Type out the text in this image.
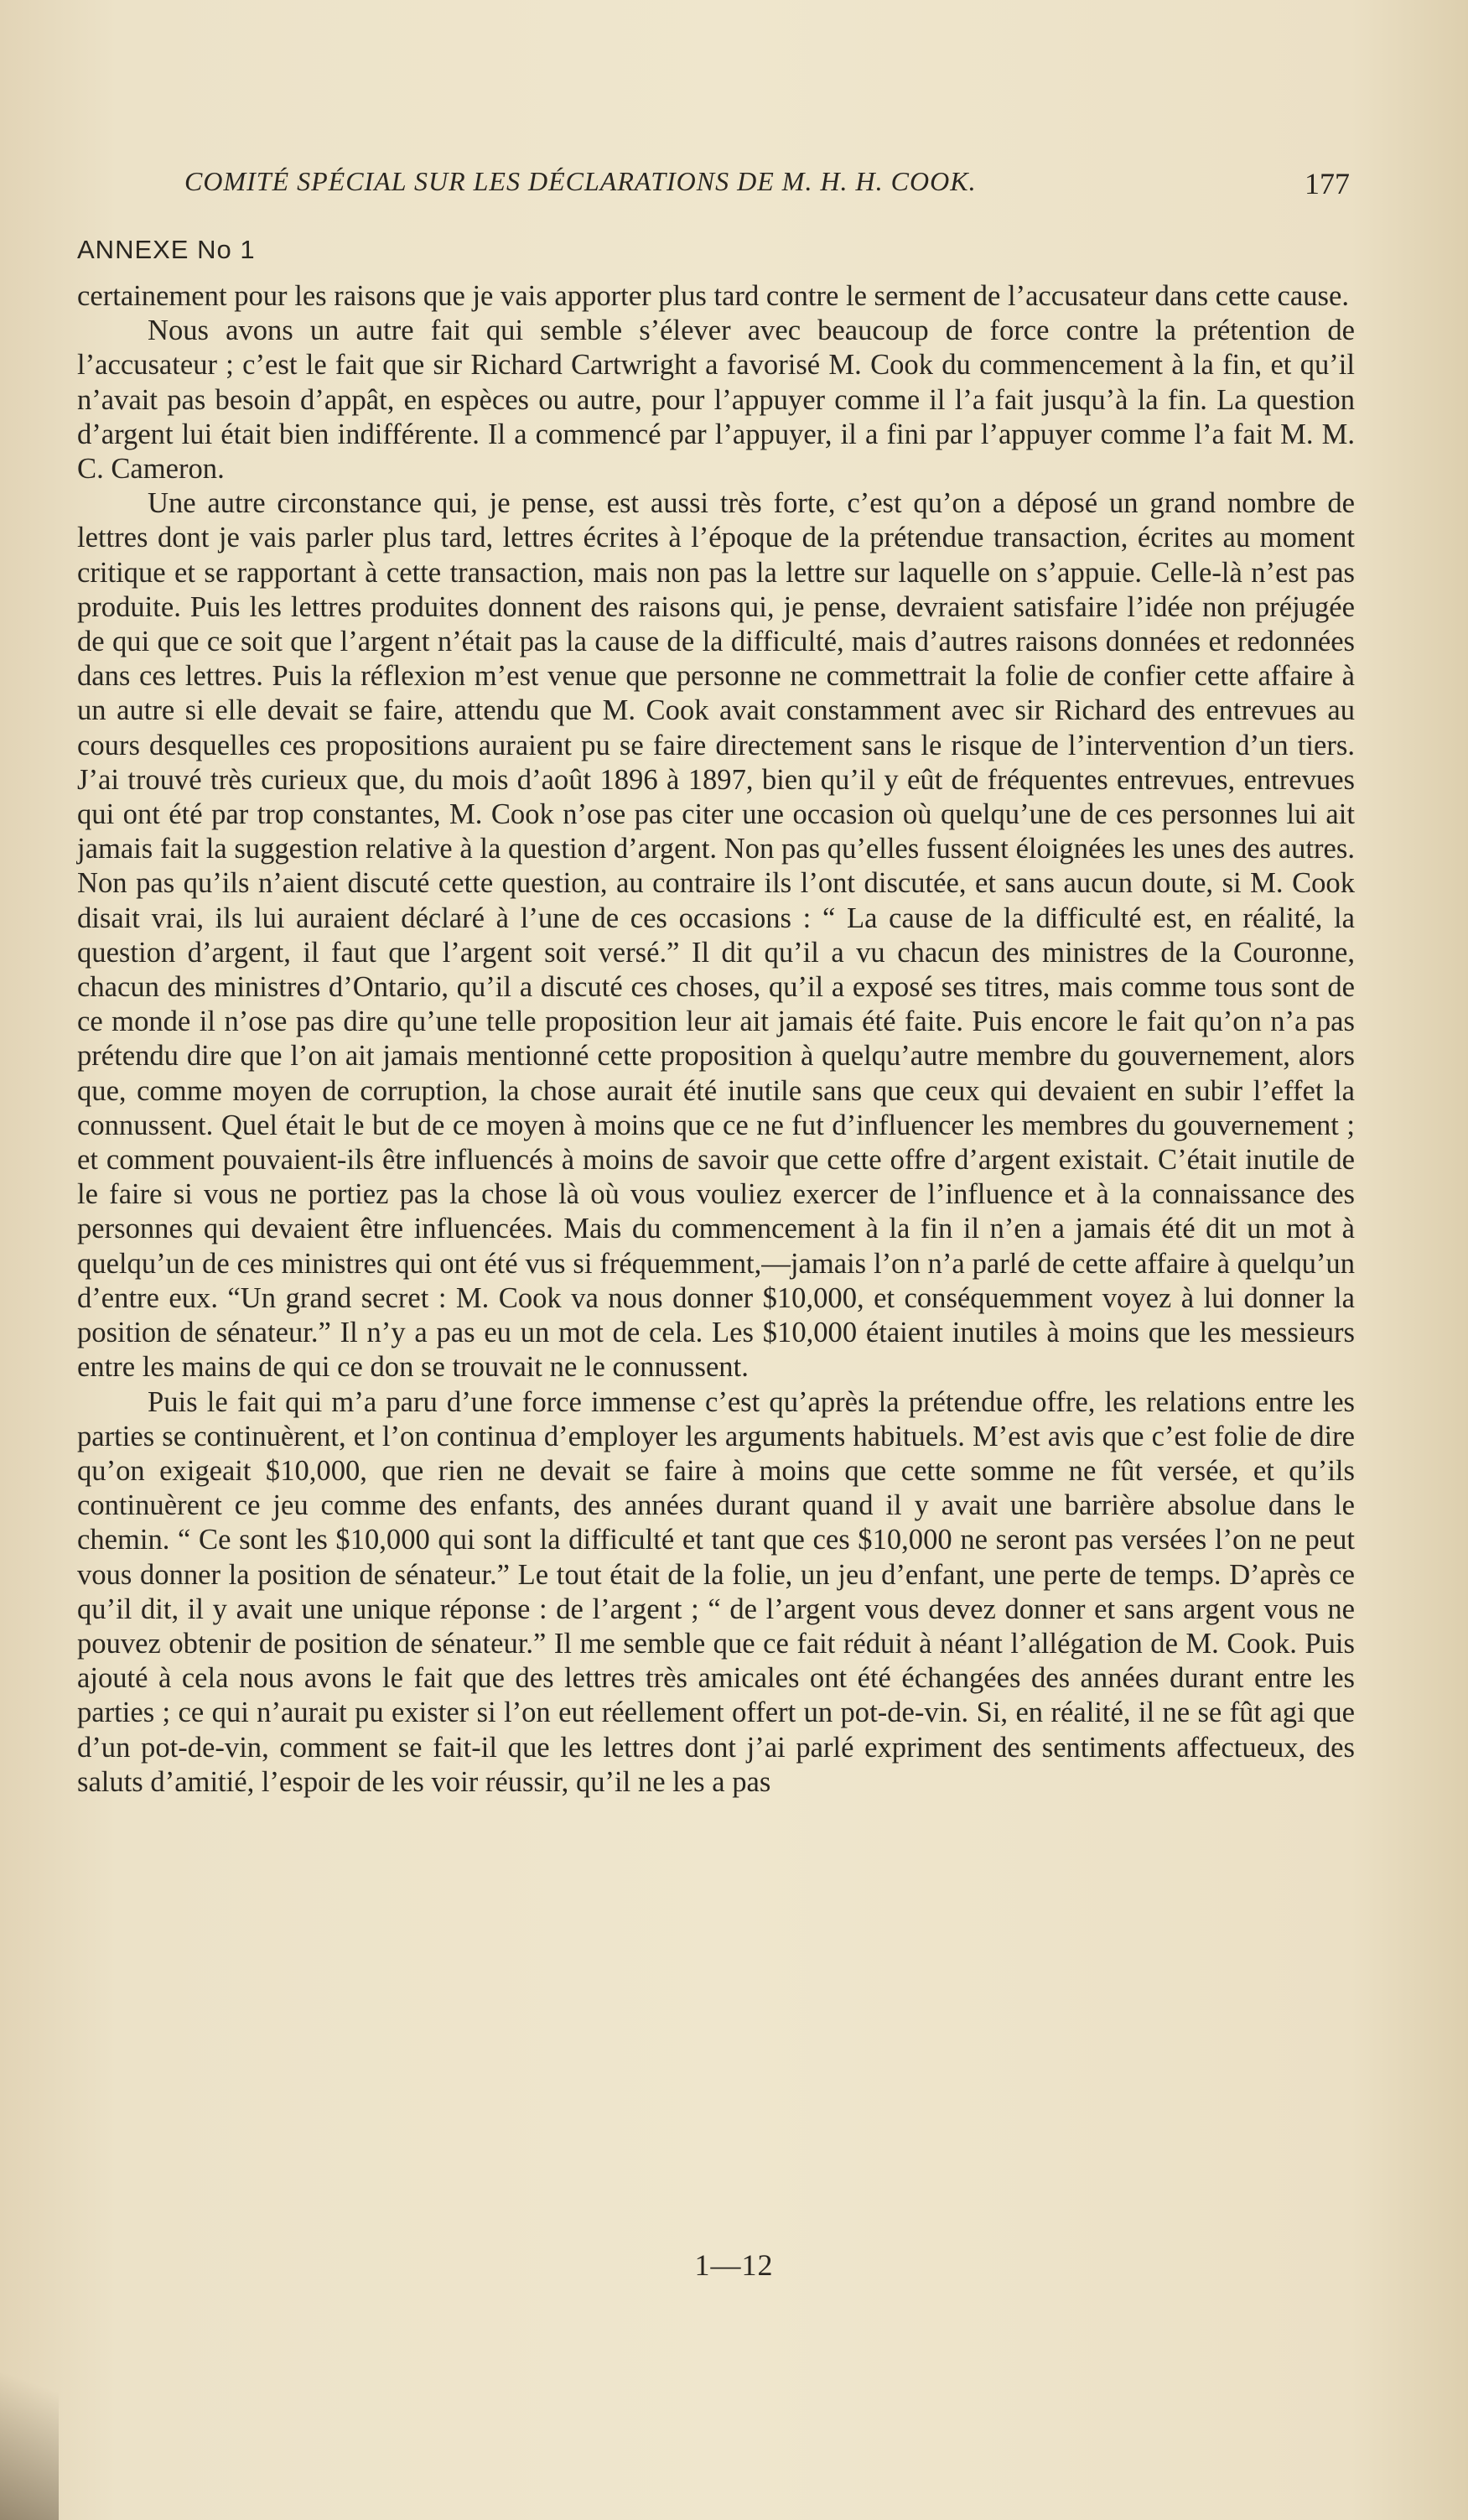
COMITÉ SPÉCIAL SUR LES DÉCLARATIONS DE M. H. H. COOK.	177
ANNEXE No 1

certainement pour les raisons que je vais apporter plus tard contre le serment de l’accusateur dans cette cause.

Nous avons un autre fait qui semble s’élever avec beaucoup de force contre la prétention de l’accusateur ; c’est le fait que sir Richard Cartwright a favorisé M. Cook du commencement à la fin, et qu’il n’avait pas besoin d’appât, en espèces ou autre, pour l’appuyer comme il l’a fait jusqu’à la fin. La question d’argent lui était bien indifférente. Il a commencé par l’appuyer, il a fini par l’appuyer comme l’a fait M. M. C. Cameron.

Une autre circonstance qui, je pense, est aussi très forte, c’est qu’on a déposé un grand nombre de lettres dont je vais parler plus tard, lettres écrites à l’époque de la prétendue transaction, écrites au moment critique et se rapportant à cette transaction, mais non pas la lettre sur laquelle on s’appuie. Celle-là n’est pas produite. Puis les lettres produites donnent des raisons qui, je pense, devraient satisfaire l’idée non préjugée de qui que ce soit que l’argent n’était pas la cause de la difficulté, mais d’autres raisons données et redonnées dans ces lettres. Puis la réflexion m’est venue que personne ne commettrait la folie de confier cette affaire à un autre si elle devait se faire, attendu que M. Cook avait constamment avec sir Richard des entrevues au cours desquelles ces propositions auraient pu se faire directement sans le risque de l’intervention d’un tiers. J’ai trouvé très curieux que, du mois d’août 1896 à 1897, bien qu’il y eût de fréquentes entrevues, entrevues qui ont été par trop constantes, M. Cook n’ose pas citer une occasion où quelqu’une de ces personnes lui ait jamais fait la suggestion relative à la question d’argent. Non pas qu’elles fussent éloignées les unes des autres. Non pas qu’ils n’aient discuté cette question, au contraire ils l’ont discutée, et sans aucun doute, si M. Cook disait vrai, ils lui auraient déclaré à l’une de ces occasions : “ La cause de la difficulté est, en réalité, la question d’argent, il faut que l’argent soit versé.” Il dit qu’il a vu chacun des ministres de la Couronne, chacun des ministres d’Ontario, qu’il a discuté ces choses, qu’il a exposé ses titres, mais comme tous sont de ce monde il n’ose pas dire qu’une telle proposition leur ait jamais été faite. Puis encore le fait qu’on n’a pas prétendu dire que l’on ait jamais mentionné cette proposition à quelqu’autre membre du gouvernement, alors que, comme moyen de corruption, la chose aurait été inutile sans que ceux qui devaient en subir l’effet la connussent. Quel était le but de ce moyen à moins que ce ne fut d’influencer les membres du gouvernement ; et comment pouvaient-ils être influencés à moins de savoir que cette offre d’argent existait. C’était inutile de le faire si vous ne portiez pas la chose là où vous vouliez exercer de l’influence et à la connaissance des personnes qui devaient être influencées. Mais du commencement à la fin il n’en a jamais été dit un mot à quelqu’un de ces ministres qui ont été vus si fréquemment,—jamais l’on n’a parlé de cette affaire à quelqu’un d’entre eux. “Un grand secret : M. Cook va nous donner $10,000, et conséquemment voyez à lui donner la position de sénateur.” Il n’y a pas eu un mot de cela. Les $10,000 étaient inutiles à moins que les messieurs entre les mains de qui ce don se trouvait ne le connussent.

Puis le fait qui m’a paru d’une force immense c’est qu’après la prétendue offre, les relations entre les parties se continuèrent, et l’on continua d’employer les arguments habituels. M’est avis que c’est folie de dire qu’on exigeait $10,000, que rien ne devait se faire à moins que cette somme ne fût versée, et qu’ils continuèrent ce jeu comme des enfants, des années durant quand il y avait une barrière absolue dans le chemin. “ Ce sont les $10,000 qui sont la difficulté et tant que ces $10,000 ne seront pas versées l’on ne peut vous donner la position de sénateur.” Le tout était de la folie, un jeu d’enfant, une perte de temps. D’après ce qu’il dit, il y avait une unique réponse : de l’argent ; “ de l’argent vous devez donner et sans argent vous ne pouvez obtenir de position de sénateur.” Il me semble que ce fait réduit à néant l’allégation de M. Cook. Puis ajouté à cela nous avons le fait que des lettres très amicales ont été échangées des années durant entre les parties ; ce qui n’aurait pu exister si l’on eut réellement offert un pot-de-vin. Si, en réalité, il ne se fût agi que d’un pot-de-vin, comment se fait-il que les lettres dont j’ai parlé expriment des sentiments affectueux, des saluts d’amitié, l’espoir de les voir réussir, qu’il ne les a pas

1—12
